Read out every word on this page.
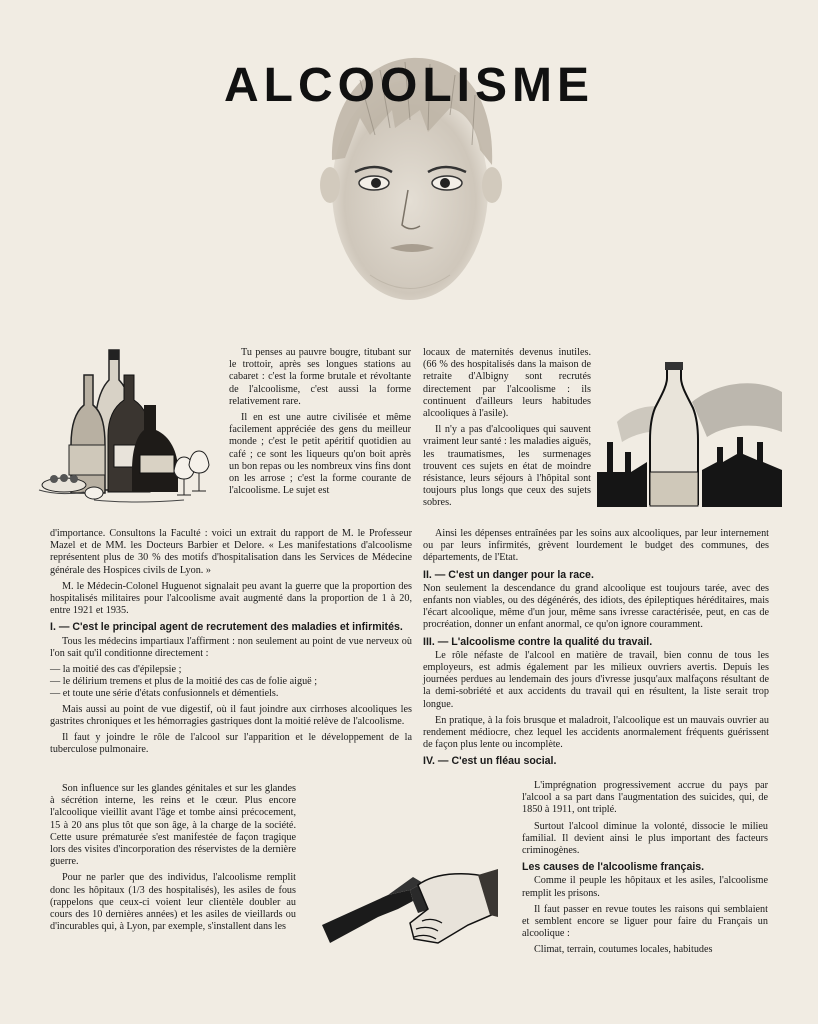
ALCOOLISME

Tu penses au pauvre bougre, titubant sur le trottoir, après ses longues stations au cabaret : c'est la forme brutale et révoltante de l'alcoolisme, c'est aussi la forme relativement rare.

Il en est une autre civilisée et même facilement appréciée des gens du meilleur monde ; c'est le petit apéritif quotidien au café ; ce sont les liqueurs qu'on boit après un bon repas ou les nombreux vins fins dont on les arrose ; c'est la forme courante de l'alcoolisme. Le sujet est

d'importance. Consultons la Faculté : voici un extrait du rapport de M. le Professeur Mazel et de MM. les Docteurs Barbier et Delore. « Les manifestations d'alcoolisme représentent plus de 30 % des motifs d'hospitalisation dans les Services de Médecine générale des Hospices civils de Lyon. »

M. le Médecin-Colonel Huguenot signalait peu avant la guerre que la proportion des hospitalisés militaires pour l'alcoolisme avait augmenté dans la proportion de 1 à 20, entre 1921 et 1935.

I. — C'est le principal agent de recrutement des maladies et infirmités.

Tous les médecins impartiaux l'affirment : non seulement au point de vue nerveux où l'on sait qu'il conditionne directement :

— la moitié des cas d'épilepsie ;
— le délirium tremens et plus de la moitié des cas de folie aiguë ;
— et toute une série d'états confusionnels et démentiels.

Mais aussi au point de vue digestif, où il faut joindre aux cirrhoses alcooliques les gastrites chroniques et les hémorragies gastriques dont la moitié relève de l'alcoolisme.

Il faut y joindre le rôle de l'alcool sur l'apparition et le développement de la tuberculose pulmonaire.

Son influence sur les glandes génitales et sur les glandes à sécrétion interne, les reins et le cœur. Plus encore l'alcoolique vieillit avant l'âge et tombe ainsi précocement, 15 à 20 ans plus tôt que son âge, à la charge de la société. Cette usure prématurée s'est manifestée de façon tragique lors des visites d'incorporation des réservistes de la dernière guerre.

Pour ne parler que des individus, l'alcoolisme remplit donc les hôpitaux (1/3 des hospitalisés), les asiles de fous (rappelons que ceux-ci voient leur clientèle doubler au cours des 10 dernières années) et les asiles de vieillards ou d'incurables qui, à Lyon, par exemple, s'installent dans les

locaux de maternités devenus inutiles. (66 % des hospitalisés dans la maison de retraite d'Albigny sont recrutés directement par l'alcoolisme : ils continuent d'ailleurs leurs habitudes alcooliques à l'asile).

Il n'y a pas d'alcooliques qui sauvent vraiment leur santé : les maladies aiguës, les traumatismes, les surmenages trouvent ces sujets en état de moindre résistance, leurs séjours à l'hôpital sont toujours plus longs que ceux des sujets sobres.

Ainsi les dépenses entraînées par les soins aux alcooliques, par leur internement ou par leurs infirmités, grèvent lourdement le budget des communes, des départements, de l'Etat.

II. — C'est un danger pour la race.

Non seulement la descendance du grand alcoolique est toujours tarée, avec des enfants non viables, ou des dégénérés, des idiots, des épileptiques héréditaires, mais l'écart alcoolique, même d'un jour, même sans ivresse caractérisée, peut, en cas de procréation, donner un enfant anormal, ce qu'on ignore couramment.

III. — L'alcoolisme contre la qualité du travail.

Le rôle néfaste de l'alcool en matière de travail, bien connu de tous les employeurs, est admis également par les milieux ouvriers avertis. Depuis les journées perdues au lendemain des jours d'ivresse jusqu'aux malfaçons résultant de la demi-sobriété et aux accidents du travail qui en résultent, la liste serait trop longue.

En pratique, à la fois brusque et maladroit, l'alcoolique est un mauvais ouvrier au rendement médiocre, chez lequel les accidents anormalement fréquents guérissent de façon plus lente ou incomplète.

IV. — C'est un fléau social.

L'imprégnation progressivement accrue du pays par l'alcool a sa part dans l'augmentation des suicides, qui, de 1850 à 1911, ont triplé.

Surtout l'alcool diminue la volonté, dissocie le milieu familial. Il devient ainsi le plus important des facteurs criminogènes.

Les causes de l'alcoolisme français.

Comme il peuple les hôpitaux et les asiles, l'alcoolisme remplit les prisons.

Il faut passer en revue toutes les raisons qui semblaient et semblent encore se liguer pour faire du Français un alcoolique :

Climat, terrain, coutumes locales, habitudes
